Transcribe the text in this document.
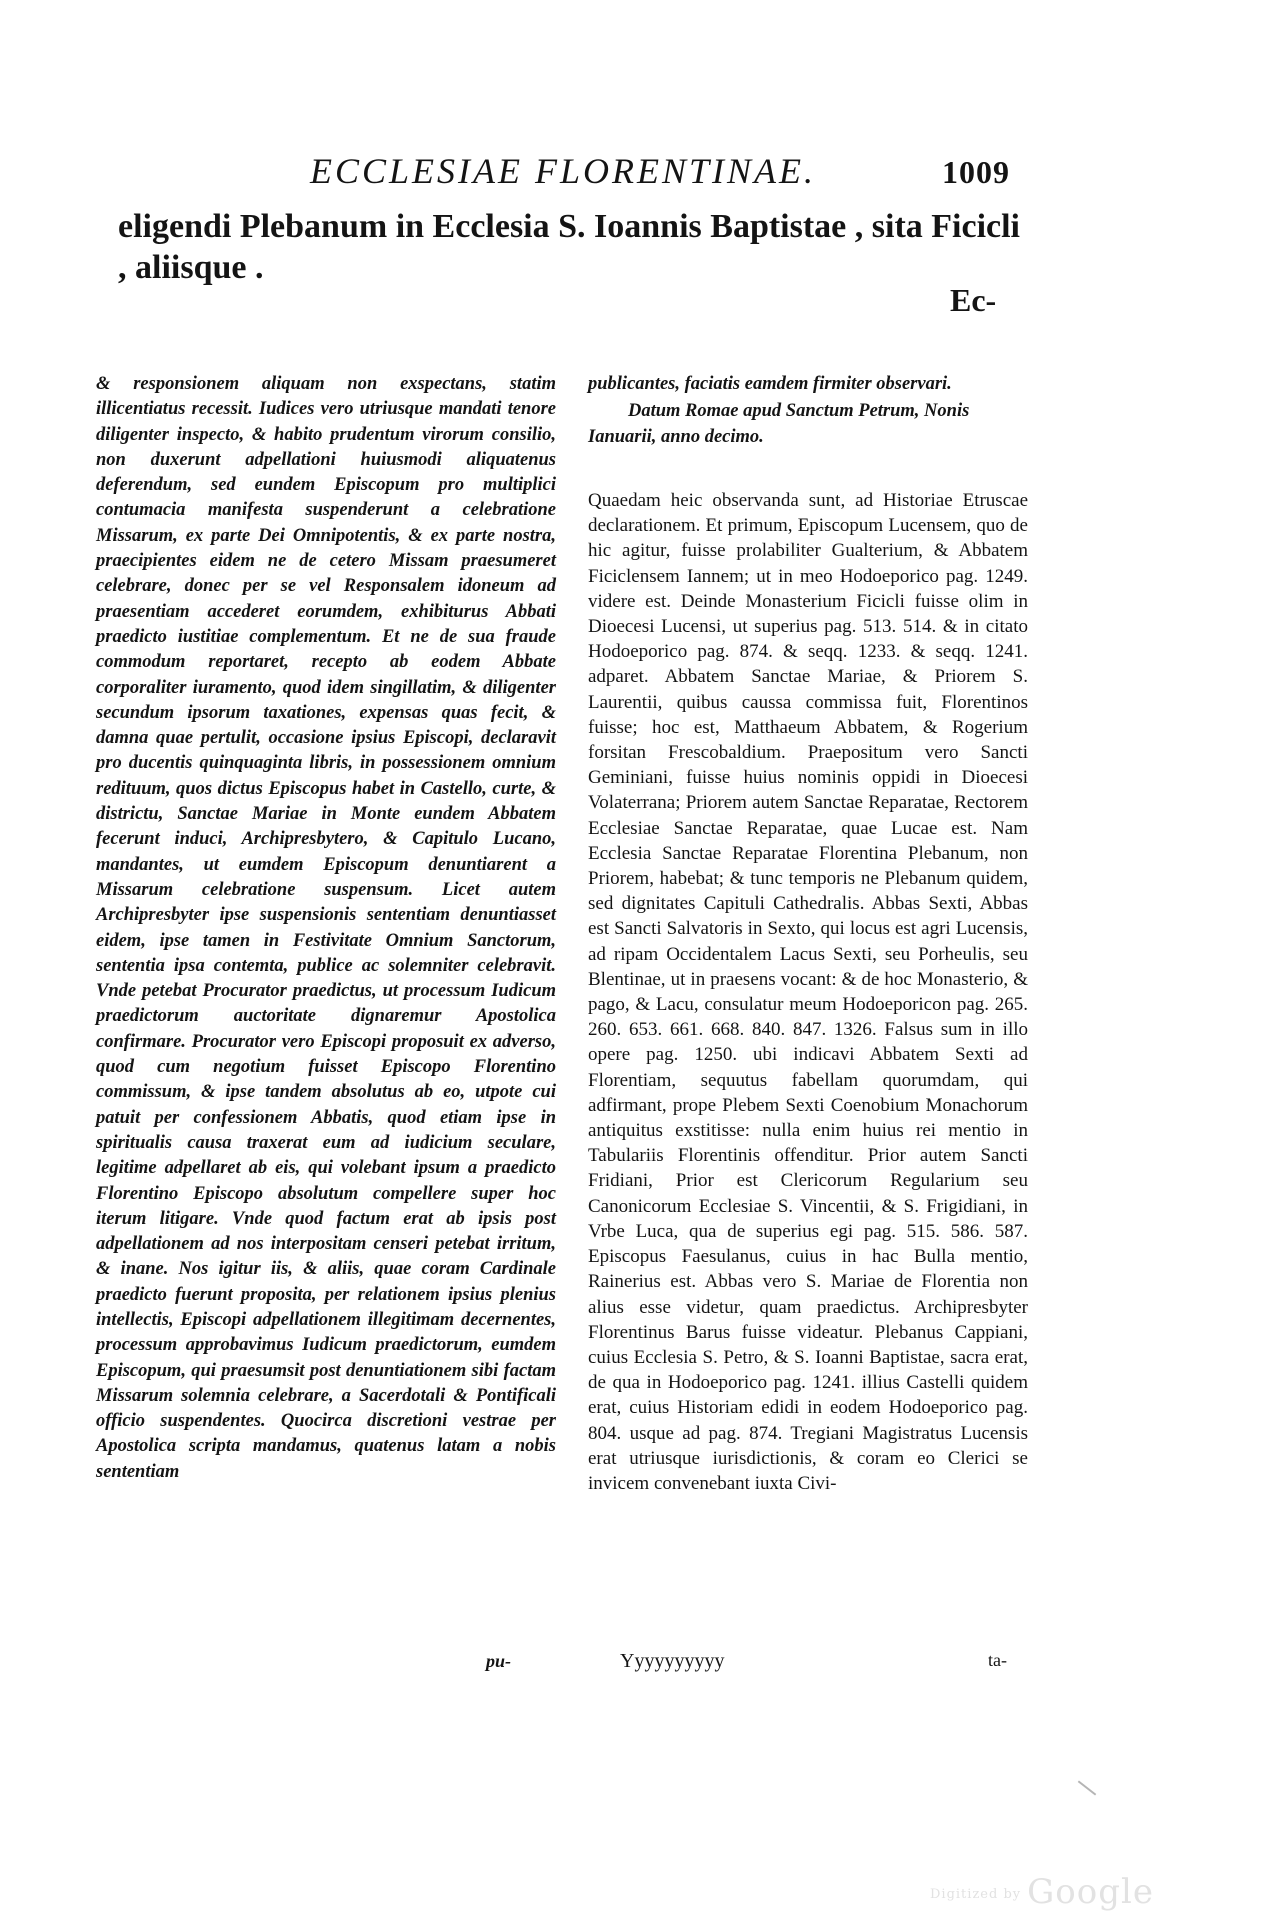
ECCLESIAE FLORENTINAE.	1009
eligendi Plebanum in Ecclesia S. Ioannis Baptistae , sita Ficicli , aliisque .
Ec-
& responsionem aliquam non exspectans, statim illicentiatus recessit. Iudices vero utriusque mandati tenore diligenter inspecto, & habito prudentum virorum consilio, non duxerunt adpellationi huiusmodi aliquatenus deferendum, sed eundem Episcopum pro multiplici contumacia manifesta suspenderunt a celebratione Missarum, ex parte Dei Omnipotentis, & ex parte nostra, praecipientes eidem ne de cetero Missam praesumeret celebrare, donec per se vel Responsalem idoneum ad praesentiam accederet eorumdem, exhibiturus Abbati praedicto iustitiae complementum. Et ne de sua fraude commodum reportaret, recepto ab eodem Abbate corporaliter iuramento, quod idem singillatim, & diligenter secundum ipsorum taxationes, expensas quas fecit, & damna quae pertulit, occasione ipsius Episcopi, declaravit pro ducentis quinquaginta libris, in possessionem omnium redituum, quos dictus Episcopus habet in Castello, curte, & districtu, Sanctae Mariae in Monte eundem Abbatem fecerunt induci, Archipresbytero, & Capitulo Lucano, mandantes, ut eumdem Episcopum denuntiarent a Missarum celebratione suspensum. Licet autem Archipresbyter ipse suspensionis sententiam denuntiasset eidem, ipse tamen in Festivitate Omnium Sanctorum, sententia ipsa contemta, publice ac solemniter celebravit. Vnde petebat Procurator praedictus, ut processum Iudicum praedictorum auctoritate dignaremur Apostolica confirmare. Procurator vero Episcopi proposuit ex adverso, quod cum negotium fuisset Episcopo Florentino commissum, & ipse tandem absolutus ab eo, utpote cui patuit per confessionem Abbatis, quod etiam ipse in spiritualis causa traxerat eum ad iudicium seculare, legitime adpellaret ab eis, qui volebant ipsum a praedicto Florentino Episcopo absolutum compellere super hoc iterum litigare. Vnde quod factum erat ab ipsis post adpellationem ad nos interpositam censeri petebat irritum, & inane. Nos igitur iis, & aliis, quae coram Cardinale praedicto fuerunt proposita, per relationem ipsius plenius intellectis, Episcopi adpellationem illegitimam decernentes, processum approbavimus Iudicum praedictorum, eumdem Episcopum, qui praesumsit post denuntiationem sibi factam Missarum solemnia celebrare, a Sacerdotali & Pontificali officio suspendentes. Quocirca discretioni vestrae per Apostolica scripta mandamus, quatenus latam a nobis sententiam
publicantes, faciatis eamdem firmiter observari.
Datum Romae apud Sanctum Petrum, Nonis Ianuarii, anno decimo.
Quaedam heic observanda sunt, ad Historiae Etruscae declarationem. Et primum, Episcopum Lucensem, quo de hic agitur, fuisse prolabiliter Gualterium, & Abbatem Ficiclensem Iannem; ut in meo Hodoeporico pag. 1249. videre est. Deinde Monasterium Ficicli fuisse olim in Dioecesi Lucensi, ut superius pag. 513. 514. & in citato Hodoeporico pag. 874. & seqq. 1233. & seqq. 1241. adparet. Abbatem Sanctae Mariae, & Priorem S. Laurentii, quibus caussa commissa fuit, Florentinos fuisse; hoc est, Matthaeum Abbatem, & Rogerium forsitan Frescobaldium. Praepositum vero Sancti Geminiani, fuisse huius nominis oppidi in Dioecesi Volaterrana; Priorem autem Sanctae Reparatae, Rectorem Ecclesiae Sanctae Reparatae, quae Lucae est. Nam Ecclesia Sanctae Reparatae Florentina Plebanum, non Priorem, habebat; & tunc temporis ne Plebanum quidem, sed dignitates Capituli Cathedralis. Abbas Sexti, Abbas est Sancti Salvatoris in Sexto, qui locus est agri Lucensis, ad ripam Occidentalem Lacus Sexti, seu Porheulis, seu Blentinae, ut in praesens vocant: & de hoc Monasterio, & pago, & Lacu, consulatur meum Hodoeporicon pag. 265. 260. 653. 661. 668. 840. 847. 1326. Falsus sum in illo opere pag. 1250. ubi indicavi Abbatem Sexti ad Florentiam, sequutus fabellam quorumdam, qui adfirmant, prope Plebem Sexti Coenobium Monachorum antiquitus exstitisse: nulla enim huius rei mentio in Tabulariis Florentinis offenditur. Prior autem Sancti Fridiani, Prior est Clericorum Regularium seu Canonicorum Ecclesiae S. Vincentii, & S. Frigidiani, in Vrbe Luca, qua de superius egi pag. 515. 586. 587. Episcopus Faesulanus, cuius in hac Bulla mentio, Rainerius est. Abbas vero S. Mariae de Florentia non alius esse videtur, quam praedictus. Archipresbyter Florentinus Barus fuisse videatur. Plebanus Cappiani, cuius Ecclesia S. Petro, & S. Ioanni Baptistae, sacra erat, de qua in Hodoeporico pag. 1241. illius Castelli quidem erat, cuius Historiam edidi in eodem Hodoeporico pag. 804. usque ad pag. 874. Tregiani Magistratus Lucensis erat utriusque iurisdictionis, & coram eo Clerici se invicem convenebant iuxta Civi-
pu-	Yyyyyyyyyy	ta-
Digitized by Google
